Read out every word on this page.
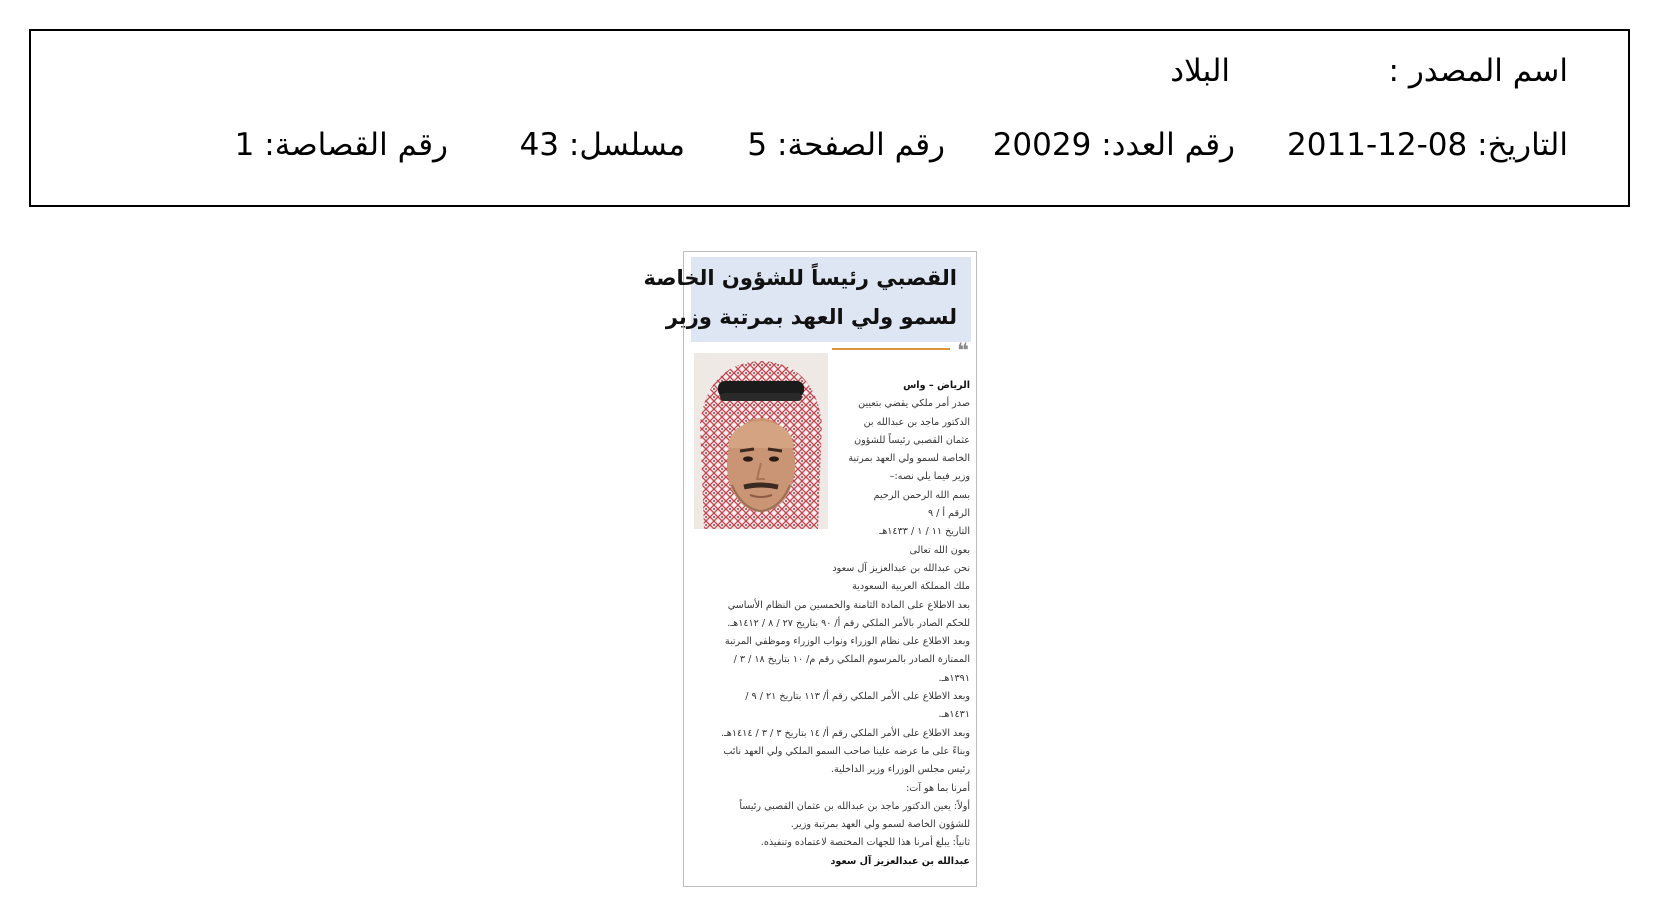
اسم المصدر :
البلاد
التاريخ: 2011-12-08
رقم العدد: 20029
رقم الصفحة: 5
مسلسل: 43
رقم القصاصة: 1
القصبي رئيساً للشؤون الخاصة
لسمو ولي العهد بمرتبة وزير
❝
الرياض – واس
صدر أمر ملكي يقضي بتعيين
الدكتور ماجد بن عبدالله بن
عثمان القصبي رئيساً للشؤون
الخاصة لسمو ولي العهد بمرتبة
وزير فيما يلي نصه:–
بسم الله الرحمن الرحيم
الرقم أ / ٩
التاريخ ١١ / ١ / ١٤٣٣هـ
بعون الله تعالى
نحن عبدالله بن عبدالعزيز آل سعود
ملك المملكة العربية السعودية
بعد الاطلاع على المادة الثامنة والخمسين من النظام الأساسي
للحكم الصادر بالأمر الملكي رقم أ/ ٩٠ بتاريخ ٢٧ / ٨ / ١٤١٢هـ.
وبعد الاطلاع على نظام الوزراء ونواب الوزراء وموظفي المرتبة
الممتازة الصادر بالمرسوم الملكي رقم م/ ١٠ بتاريخ ١٨ / ٣ /
١٣٩١هـ.
وبعد الاطلاع على الأمر الملكي رقم أ/ ١١٣ بتاريخ ٢١ / ٩ /
١٤٣١هـ.
وبعد الاطلاع على الأمر الملكي رقم أ/ ١٤ بتاريخ ٣ / ٣ / ١٤١٤هـ.
وبناءً على ما عرضه علينا صاحب السمو الملكي ولي العهد نائب
رئيس مجلس الوزراء وزير الداخلية.
أمرنا بما هو آت:
أولاً: يعين الدكتور ماجد بن عبدالله بن عثمان القصبي رئيساً
للشؤون الخاصة لسمو ولي العهد بمرتبة وزير.
ثانياً: يبلغ أمرنا هذا للجهات المختصة لاعتماده وتنفيذه.
عبدالله بن عبدالعزيز آل سعود
